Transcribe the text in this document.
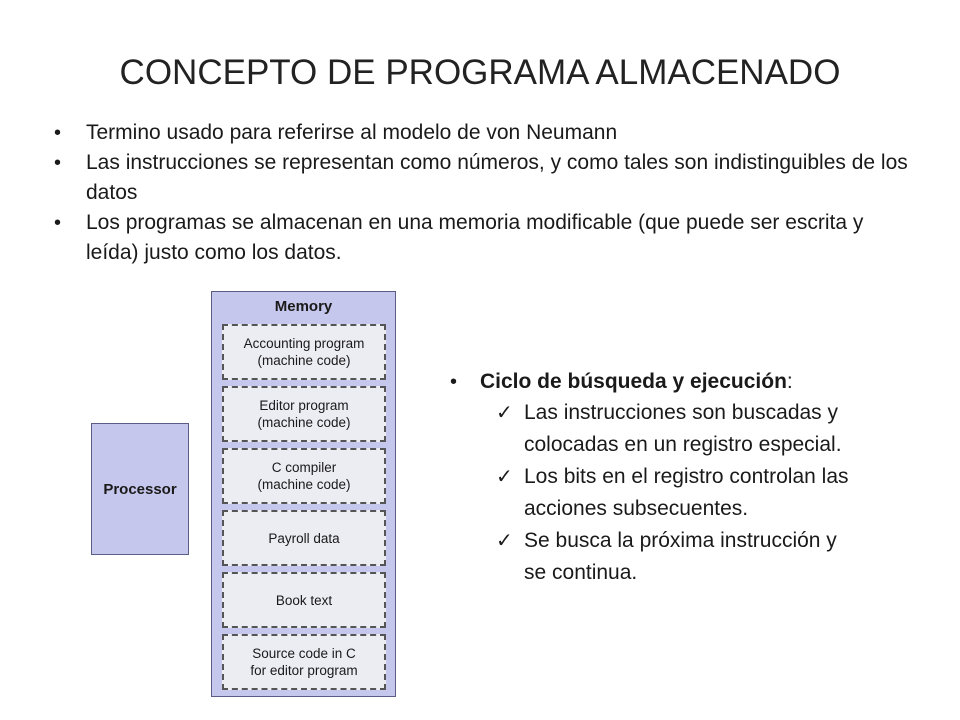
CONCEPTO DE PROGRAMA ALMACENADO
• Termino usado para referirse al modelo de von Neumann
• Las instrucciones se representan como números, y como tales son indistinguibles de los datos
• Los programas se almacenan en una memoria modificable (que puede ser escrita y leída) justo como los datos.
Processor
Memory
Accounting program
(machine code)
Editor program
(machine code)
C compiler
(machine code)
Payroll data
Book text
Source code in C
for editor program
• Ciclo de búsqueda y ejecución:
✓ Las instrucciones son buscadas y colocadas en un registro especial.
✓ Los bits en el registro controlan las acciones subsecuentes.
✓ Se busca la próxima instrucción y se continua.
